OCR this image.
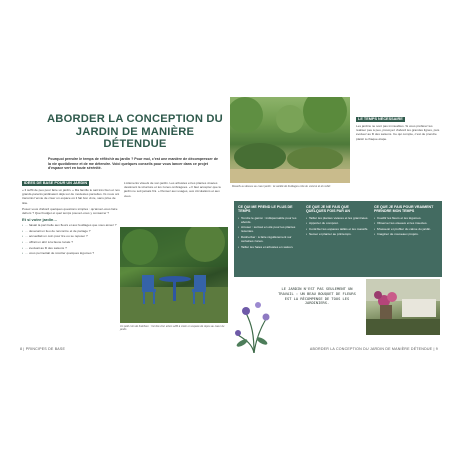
ABORDER LA CONCEPTION DU JARDIN DE MANIÈRE DÉTENDUE
Pourquoi prendre le temps de réfléchir au jardin ? Pour moi, c'est une manière de décompresser de la vie quotidienne et de me détendre. Voici quelques conseils pour vous lancer dans ce projet d'espace vert en toute sérénité.
IDÉES DE BASE POUR UN JARDIN

« Il suffit de peu pour faire un jardin. » Ma famille le sait très bien et nos grands-parents jardinaient déjà sur de modestes parcelles. Ils nous ont transmis l'envie de créer un espace où il fait bon vivre, sans prise de tête.

Posez-vous d'abord quelques questions simples : qu'aimez-vous faire dehors ? Quel budget et quel temps pouvez-vous y consacrer ?

Et si votre jardin…
• … faisait la part belle aux fleurs et aux feuillages que vous aimez ?
• … devenait un lieu de rencontre et de partage ?
• … accueillait un coin pour lire ou se reposer ?
• … offrait un abri à la faune locale ?
• … évoluait au fil des saisons ?
• … vous permettait de récolter quelques légumes ?

L'éléments visuels de son jardin. Les arbustes et les plantes vivaces dessinent la structure et les zones ombragées. « Il faut accepter que le jardin ne soit jamais fini. » Pensez aux usages, aux circulations et aux vues.

Un petit coin de fraîcheur : l'ombre d'un arbre suffit à créer un espace de repos au cœur du jardin.
8 | PRINCIPES DE BASE
Massifs au dessus au cœur jardin : la variété de feuillages crée du volume et du relief.
LE TEMPS NÉCESSAIRE

Les jardins ne sont pas immuables. Si vous préférez les réaliser peu à peu, prévoyez d'abord les grandes lignes, puis évoluez au fil des saisons. Ce qui compte, c'est de prendre plaisir à chaque étape.

CE QUI ME PREND LE PLUS DE TEMPS
• Tondre le gazon : indispensable pour les abords.
• Arroser : surtout en été pour les plantes récentes.
• Désherber : à faire régulièrement sur certaines zones.
• Tailler les haies et arbustes en saison.
CE QUE JE NE FAIS QUE QUELQUES FOIS PAR AN
• Tailler les plantes vivaces et les graminées.
• Apporter du compost.
• Contrôler les espaces taillés et les massifs.
• Semer et planter au printemps.
CE QUE JE FAIS POUR VRAIMENT PRENDRE MON TEMPS
• Cueillir les fleurs et les légumes.
• Observer les oiseaux et les insectes.
• M'asseoir et profiter du calme du jardin.
• Imaginer de nouveaux projets.
LE JARDIN N'EST PAS SEULEMENT UN TRAVAIL : UN BEAU BOUQUET DE FLEURS EST LA RÉCOMPENSE DE TOUS LES JARDINIERS.
ABORDER LA CONCEPTION DU JARDIN DE MANIÈRE DÉTENDUE | 9
